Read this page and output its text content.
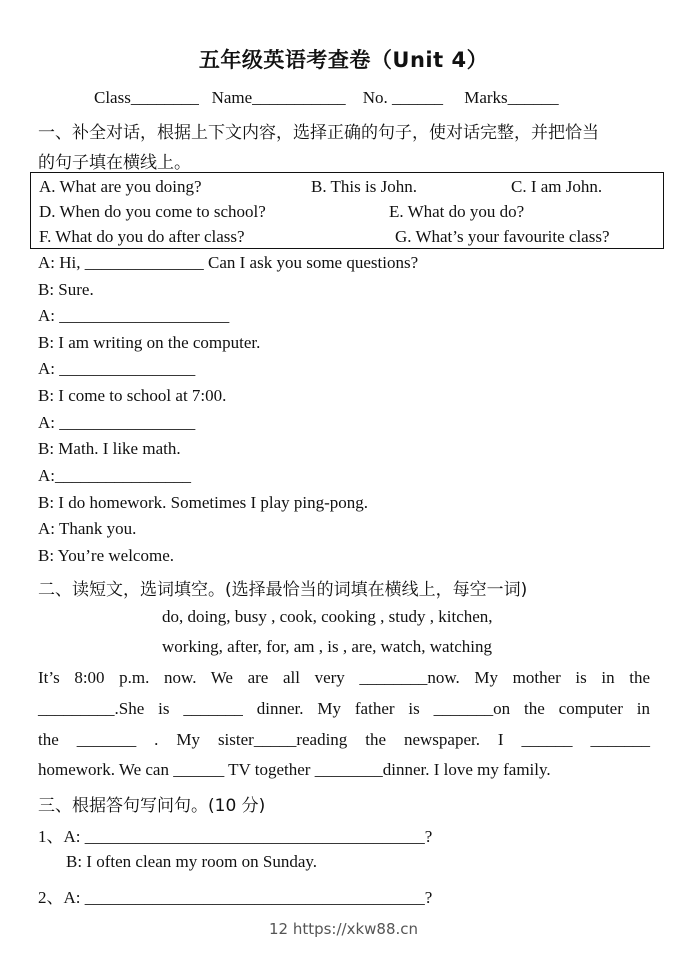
五年级英语考查卷（Unit 4）
Class________ Name___________ No. ______ Marks______
一、补全对话，根据上下文内容，选择正确的句子，使对话完整，并把恰当
的句子填在横线上。
A. What are you doing?	B. This is John.	C. I am John.
D. When do you come to school?	E. What do you do?
F. What do you do after class?	G. What’s your favourite class?
A: Hi, ______________ Can I ask you some questions?
B: Sure.
A: ____________________
B: I am writing on the computer.
A: ________________
B: I come to school at 7:00.
A: ________________
B: Math. I like math.
A:________________
B: I do homework. Sometimes I play ping-pong.
A: Thank you.
B: You’re welcome.
二、读短文，选词填空。(选择最恰当的词填在横线上，每空一词)
do, doing, busy , cook, cooking , study , kitchen,
working, after, for, am , is , are, watch, watching
It’s 8:00 p.m. now. We are all very ________now. My mother is in the
_________.She is _______ dinner. My father is _______on the computer in
the _______ . My sister_____reading the newspaper. I ______ _______
homework. We can ______ TV together ________dinner. I love my family.
三、根据答句写问句。(10 分)
1、A: ________________________________________?
B: I often clean my room on Sunday.
2、A: ________________________________________?
12 https://xkw88.cn
